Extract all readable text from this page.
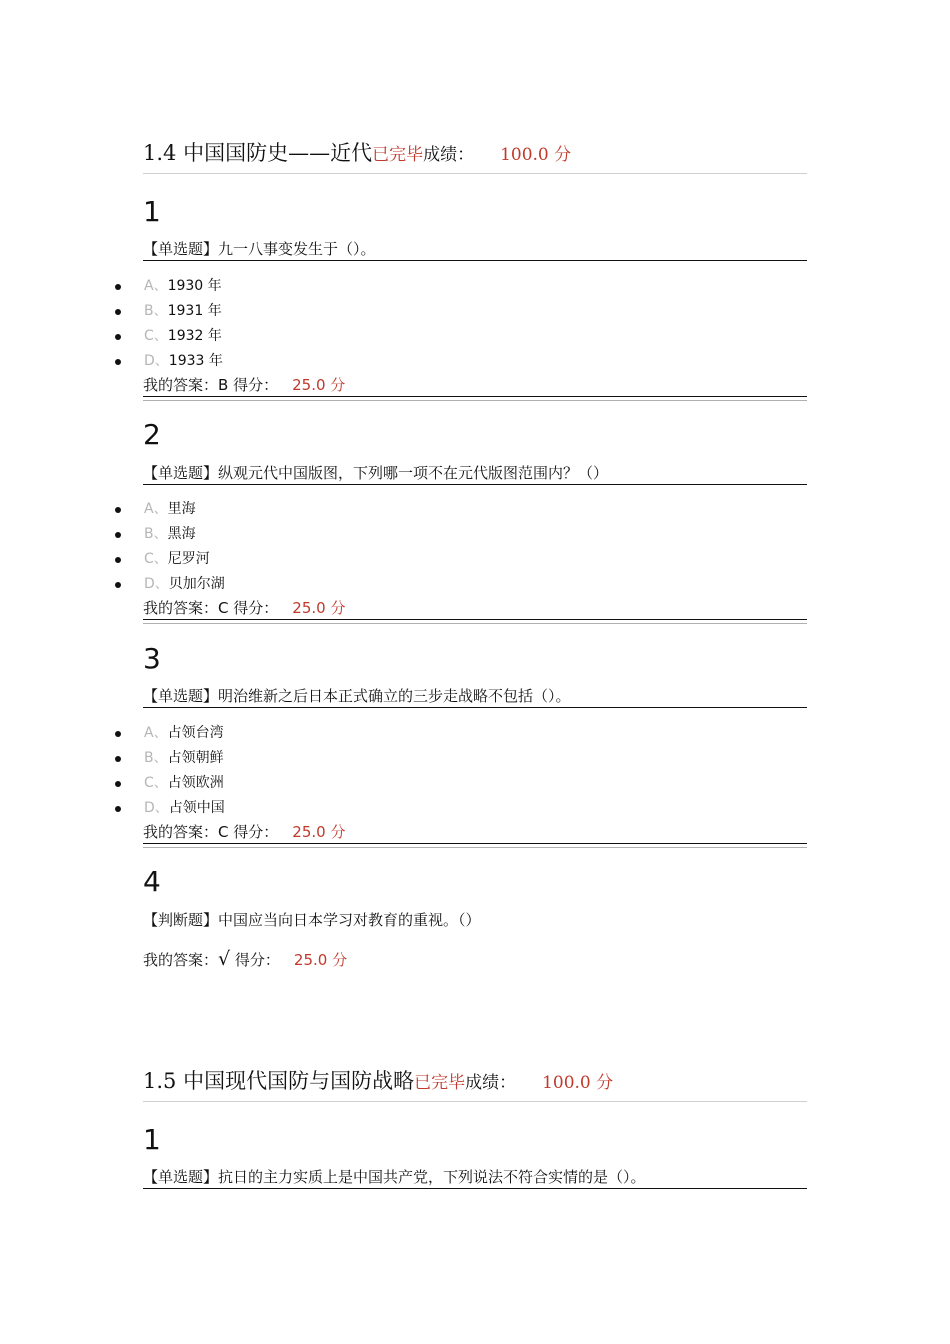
1.4 中国国防史——近代已完毕成绩： 100.0 分
1
【单选题】九一八事变发生于（）。
A、1930 年
B、1931 年
C、1932 年
D、1933 年
我的答案：B 得分： 25.0 分
2
【单选题】纵观元代中国版图，下列哪一项不在元代版图范围内？（）
A、里海
B、黑海
C、尼罗河
D、贝加尔湖
我的答案：C 得分： 25.0 分
3
【单选题】明治维新之后日本正式确立的三步走战略不包括（）。
A、占领台湾
B、占领朝鲜
C、占领欧洲
D、占领中国
我的答案：C 得分： 25.0 分
4
【判断题】中国应当向日本学习对教育的重视。（）
我的答案：√ 得分： 25.0 分
1.5 中国现代国防与国防战略已完毕成绩： 100.0 分
1
【单选题】抗日的主力实质上是中国共产党，下列说法不符合实情的是（）。
